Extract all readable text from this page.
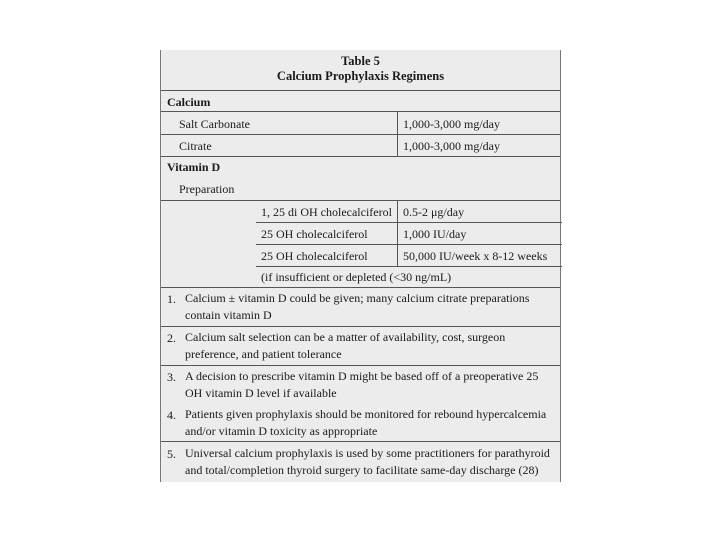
Table 5
Calcium Prophylaxis Regimens
Calcium
Salt Carbonate	1,000-3,000 mg/day
Citrate	1,000-3,000 mg/day
Vitamin D
Preparation
1, 25 di OH cholecalciferol 0.5-2 μg/day
25 OH cholecalciferol	1,000 IU/day
25 OH cholecalciferol	50,000 IU/week x 8-12 weeks
(if insufficient or depleted (<30 ng/mL)
1. Calcium ± vitamin D could be given; many calcium citrate preparations contain vitamin D
2. Calcium salt selection can be a matter of availability, cost, surgeon preference, and patient tolerance
3. A decision to prescribe vitamin D might be based off of a preoperative 25 OH vitamin D level if available
4. Patients given prophylaxis should be monitored for rebound hypercalcemia and/or vitamin D toxicity as appropriate
5. Universal calcium prophylaxis is used by some practitioners for parathyroid and total/completion thyroid surgery to facilitate same-day discharge (28)
